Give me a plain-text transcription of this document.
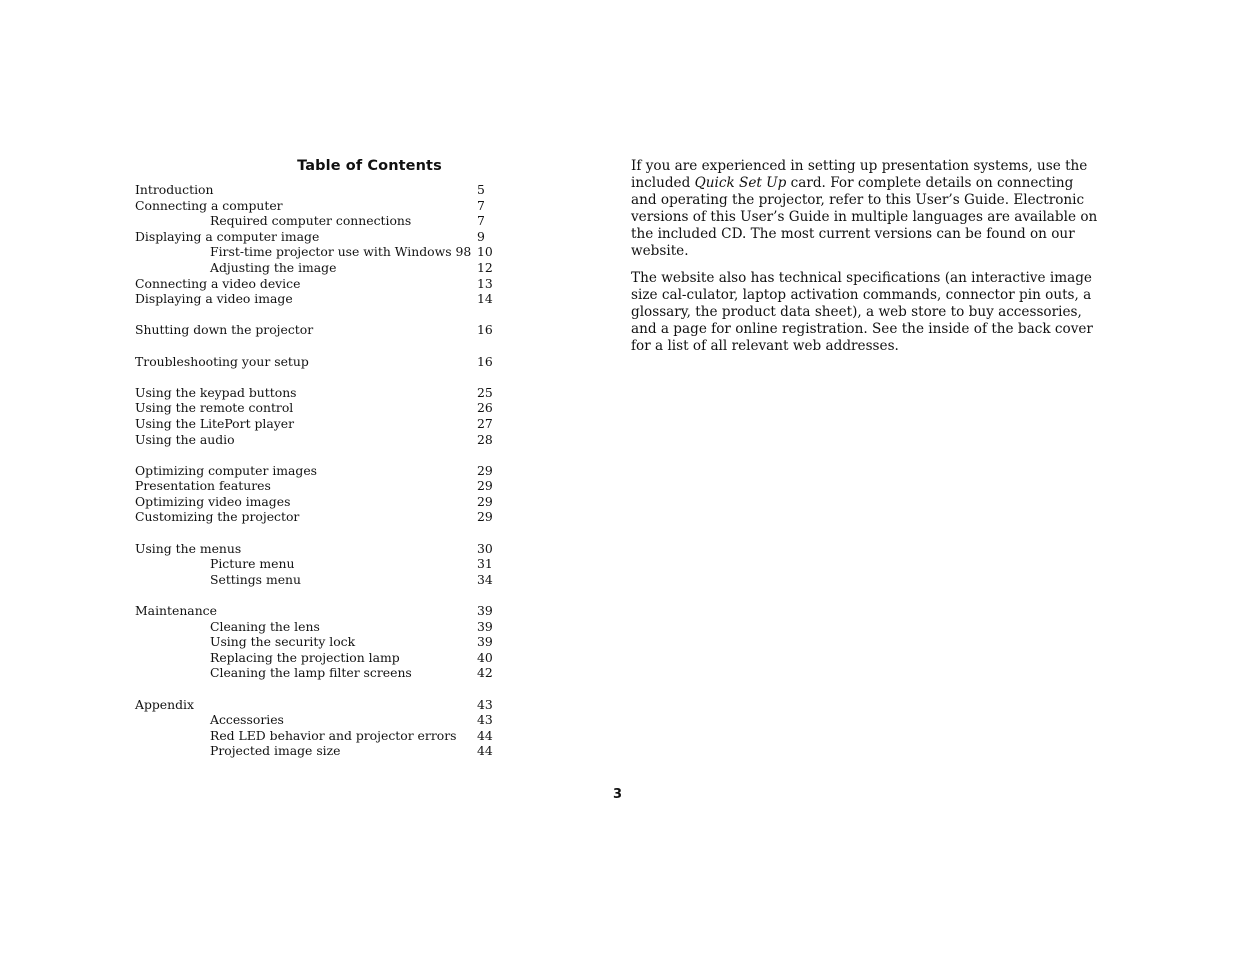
Table of Contents
Introduction	5
Connecting a computer	7
Required computer connections	7
Displaying a computer image	9
First-time projector use with Windows 98 10
Adjusting the image	12
Connecting a video device	13
Displaying a video image	14
Shutting down the projector	16
Troubleshooting your setup	16
Using the keypad buttons	25
Using the remote control	26
Using the LitePort player	27
Using the audio	28
Optimizing computer images	29
Presentation features	29
Optimizing video images	29
Customizing the projector	29
Using the menus	30
Picture menu	31
Settings menu	34
Maintenance	39
Cleaning the lens	39
Using the security lock	39
Replacing the projection lamp	40
Cleaning the lamp filter screens	42
Appendix	43
Accessories	43
Red LED behavior and projector errors 44
Projected image size	44

If you are experienced in setting up presentation systems, use the included Quick Set Up card. For complete details on connecting and operating the projector, refer to this User’s Guide. Electronic versions of this User’s Guide in multiple languages are available on the included CD. The most current versions can be found on our website.

The website also has technical specifications (an interactive image size cal-culator, laptop activation commands, connector pin outs, a glossary, the product data sheet), a web store to buy accessories, and a page for online registration. See the inside of the back cover for a list of all relevant web addresses.

3
